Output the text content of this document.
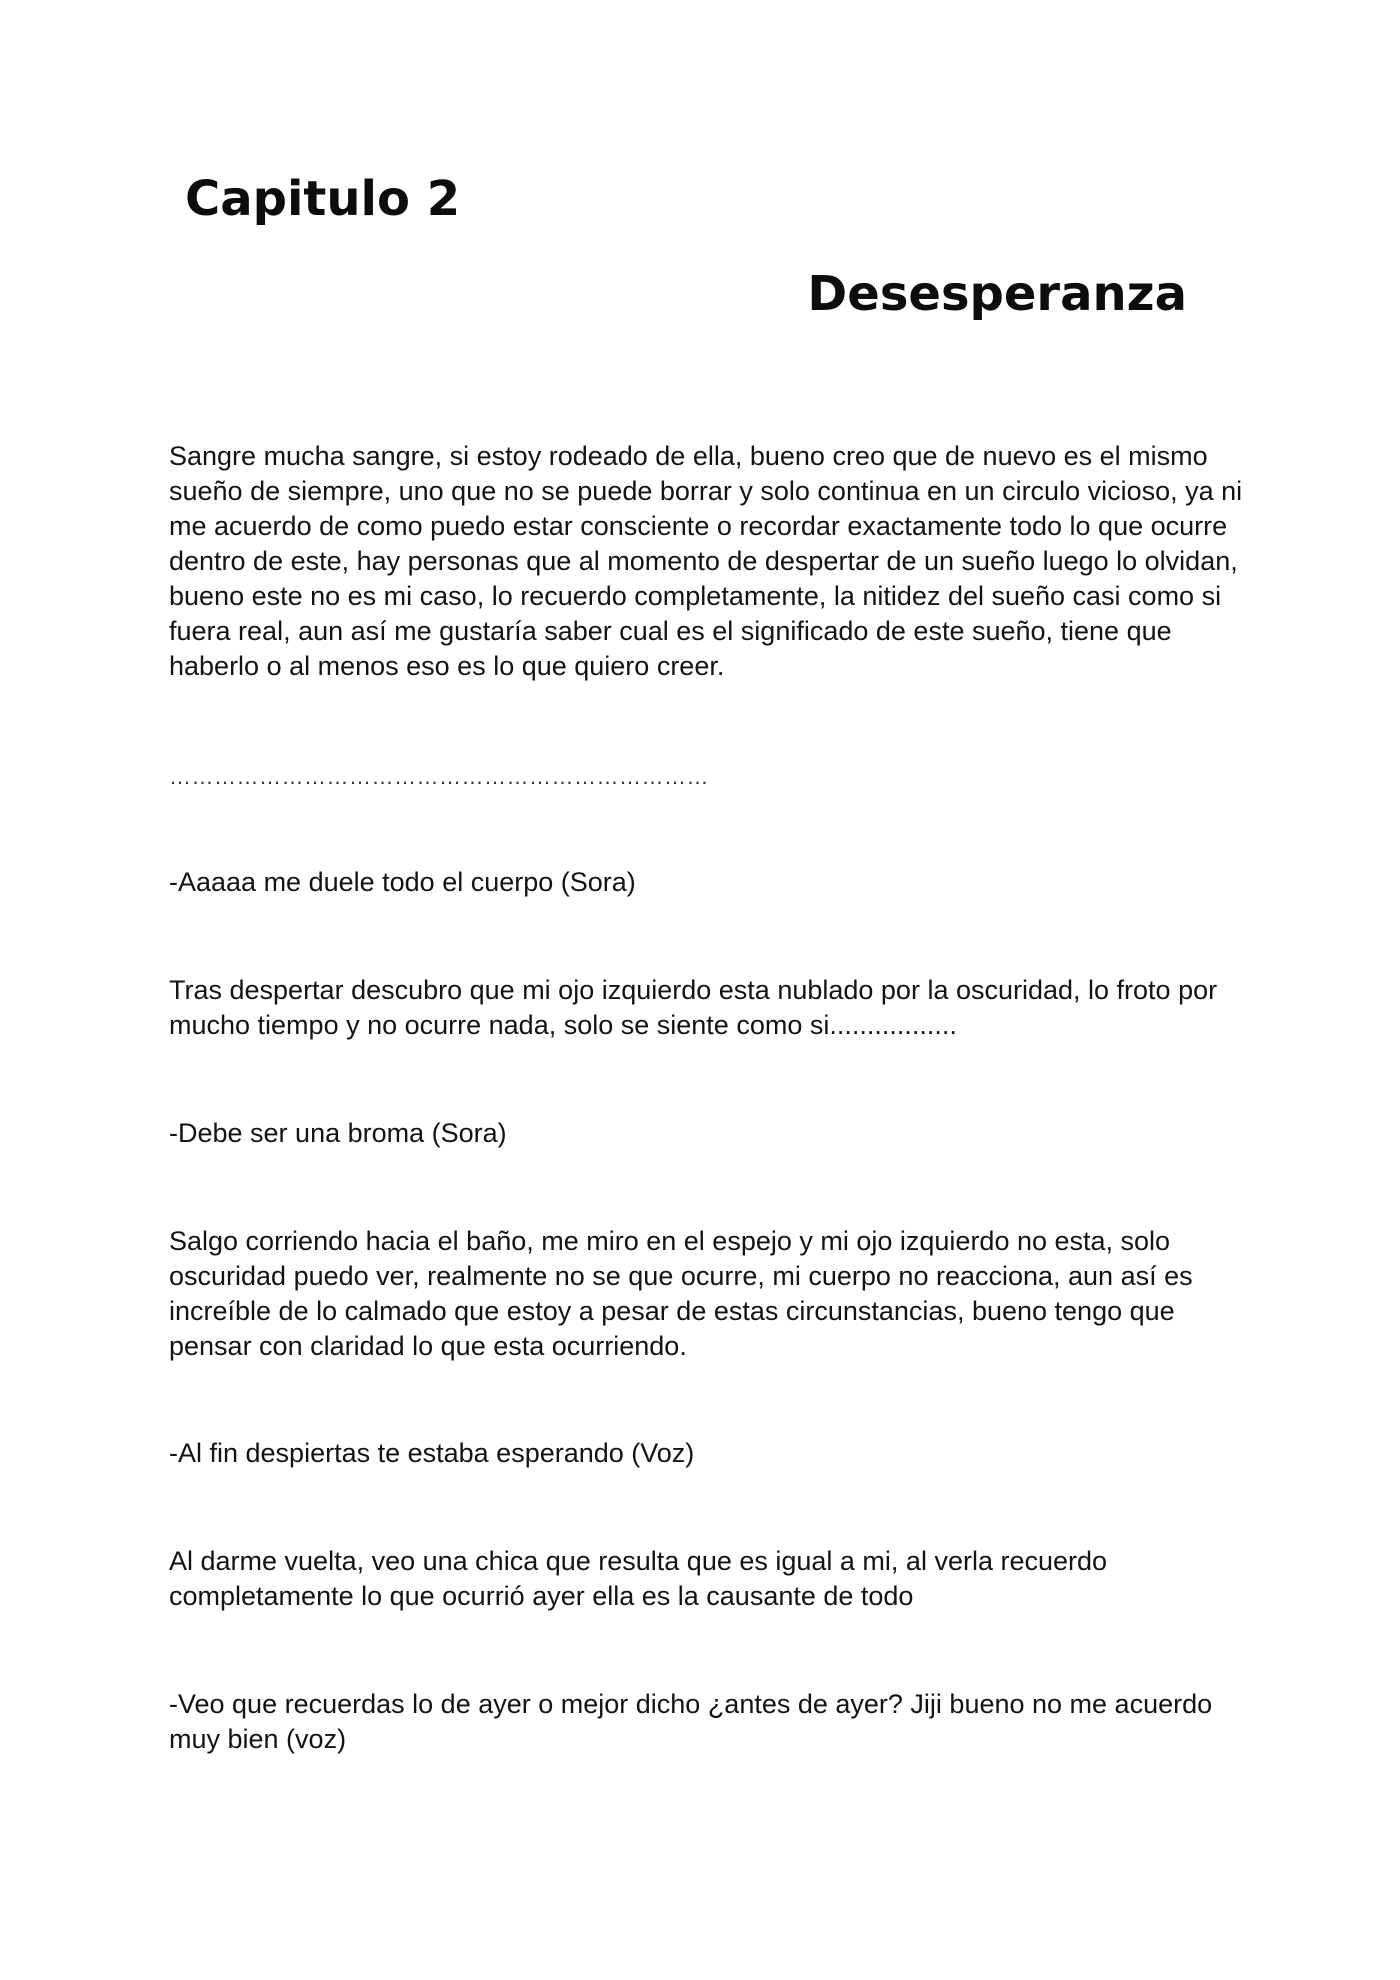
Capitulo 2
Desesperanza

Sangre mucha sangre, si estoy rodeado de ella, bueno creo que de nuevo es el mismo sueño de siempre, uno que no se puede borrar y solo continua en un circulo vicioso, ya ni me acuerdo de como puedo estar consciente o recordar exactamente todo lo que ocurre dentro de este, hay personas que al momento de despertar de un sueño luego lo olvidan, bueno este no es mi caso, lo recuerdo completamente, la nitidez del sueño casi como si fuera real, aun así me gustaría saber cual es el significado de este sueño, tiene que haberlo o al menos eso es lo que quiero creer.

………………………………………………………………

-Aaaaa me duele todo el cuerpo (Sora)

Tras despertar descubro que mi ojo izquierdo esta nublado por la oscuridad, lo froto por mucho tiempo y no ocurre nada, solo se siente como si.................

-Debe ser una broma (Sora)

Salgo corriendo hacia el baño, me miro en el espejo y mi ojo izquierdo no esta, solo oscuridad puedo ver, realmente no se que ocurre, mi cuerpo no reacciona, aun así es increíble de lo calmado que estoy a pesar de estas circunstancias, bueno tengo que pensar con claridad lo que esta ocurriendo.

-Al fin despiertas te estaba esperando (Voz)

Al darme vuelta, veo una chica que resulta que es igual a mi, al verla recuerdo completamente lo que ocurrió ayer ella es la causante de todo

-Veo que recuerdas lo de ayer o mejor dicho ¿antes de ayer? Jiji bueno no me acuerdo muy bien (voz)
